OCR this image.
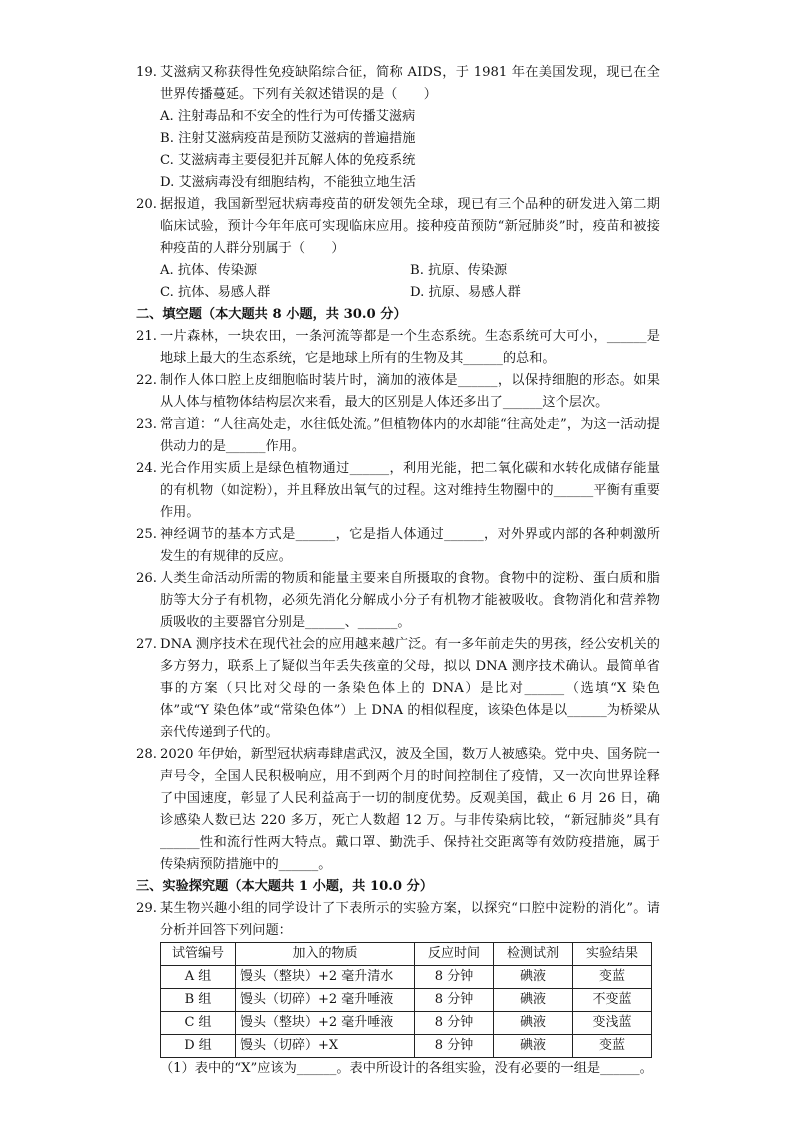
19. 艾滋病又称获得性免疫缺陷综合征，简称 AIDS，于 1981 年在美国发现，现已在全世界传播蔓延。下列有关叙述错误的是（　　）
A. 注射毒品和不安全的性行为可传播艾滋病
B. 注射艾滋病疫苗是预防艾滋病的普遍措施
C. 艾滋病毒主要侵犯并瓦解人体的免疫系统
D. 艾滋病毒没有细胞结构，不能独立地生活
20. 据报道，我国新型冠状病毒疫苗的研发领先全球，现已有三个品种的研发进入第二期临床试验，预计今年年底可实现临床应用。接种疫苗预防“新冠肺炎”时，疫苗和被接种疫苗的人群分别属于（　　）
A. 抗体、传染源	B. 抗原、传染源
C. 抗体、易感人群	D. 抗原、易感人群
二、填空题（本大题共 8 小题，共 30.0 分）
21. 一片森林，一块农田，一条河流等都是一个生态系统。生态系统可大可小，______是地球上最大的生态系统，它是地球上所有的生物及其______的总和。
22. 制作人体口腔上皮细胞临时装片时，滴加的液体是______，以保持细胞的形态。如果从人体与植物体结构层次来看，最大的区别是人体还多出了______这个层次。
23. 常言道：“人往高处走，水往低处流。”但植物体内的水却能“往高处走”，为这一活动提供动力的是______作用。
24. 光合作用实质上是绿色植物通过______，利用光能，把二氧化碳和水转化成储存能量的有机物（如淀粉），并且释放出氧气的过程。这对维持生物圈中的______平衡有重要作用。
25. 神经调节的基本方式是______，它是指人体通过______，对外界或内部的各种刺激所发生的有规律的反应。
26. 人类生命活动所需的物质和能量主要来自所摄取的食物。食物中的淀粉、蛋白质和脂肪等大分子有机物，必须先消化分解成小分子有机物才能被吸收。食物消化和营养物质吸收的主要器官分别是______、______。
27. DNA 测序技术在现代社会的应用越来越广泛。有一多年前走失的男孩，经公安机关的多方努力，联系上了疑似当年丢失孩童的父母，拟以 DNA 测序技术确认。最简单省事的方案（只比对父母的一条染色体上的 DNA）是比对______（选填“X 染色体”或“Y 染色体”或“常染色体”）上 DNA 的相似程度，该染色体是以______为桥梁从亲代传递到子代的。
28. 2020 年伊始，新型冠状病毒肆虐武汉，波及全国，数万人被感染。党中央、国务院一声号令，全国人民积极响应，用不到两个月的时间控制住了疫情，又一次向世界诠释了中国速度，彰显了人民利益高于一切的制度优势。反观美国，截止 6 月 26 日，确诊感染人数已达 220 多万，死亡人数超 12 万。与非传染病比较，“新冠肺炎”具有______性和流行性两大特点。戴口罩、勤洗手、保持社交距离等有效防疫措施，属于传染病预防措施中的______。
三、实验探究题（本大题共 1 小题，共 10.0 分）
29. 某生物兴趣小组的同学设计了下表所示的实验方案，以探究“口腔中淀粉的消化”。请分析并回答下列问题：
试管编号	加入的物质	反应时间	检测试剂	实验结果
A 组	馒头（整块）+2 毫升清水	8 分钟	碘液	变蓝
B 组	馒头（切碎）+2 毫升唾液	8 分钟	碘液	不变蓝
C 组	馒头（整块）+2 毫升唾液	8 分钟	碘液	变浅蓝
D 组	馒头（切碎）+X	8 分钟	碘液	变蓝
（1）表中的“X”应该为______。表中所设计的各组实验，没有必要的一组是______。
